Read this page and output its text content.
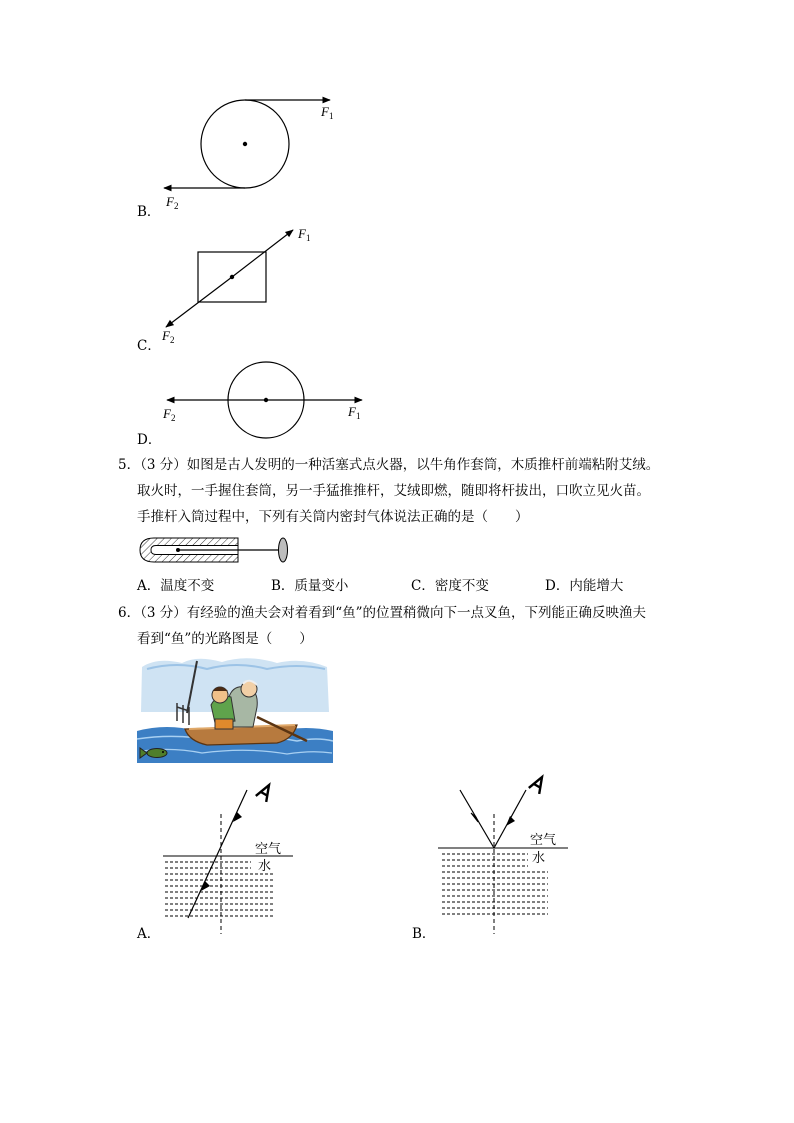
$F_1$
$F_2$
B．
$F_1$
$F_2$
C．
$F_1$
$F_2$
D．
5．（3 分）如图是古人发明的一种活塞式点火器，以牛角作套筒，木质推杆前端粘附艾绒。
取火时，一手握住套筒，另一手猛推推杆，艾绒即燃，随即将杆拔出，口吹立见火苗。
手推杆入筒过程中，下列有关筒内密封气体说法正确的是（　　）
A．温度不变	B．质量变小	C．密度不变	D．内能增大
6．（3 分）有经验的渔夫会对着看到“鱼”的位置稍微向下一点叉鱼，下列能正确反映渔夫
看到“鱼”的光路图是（　　）
空气
水
A．
空气
水
B．
